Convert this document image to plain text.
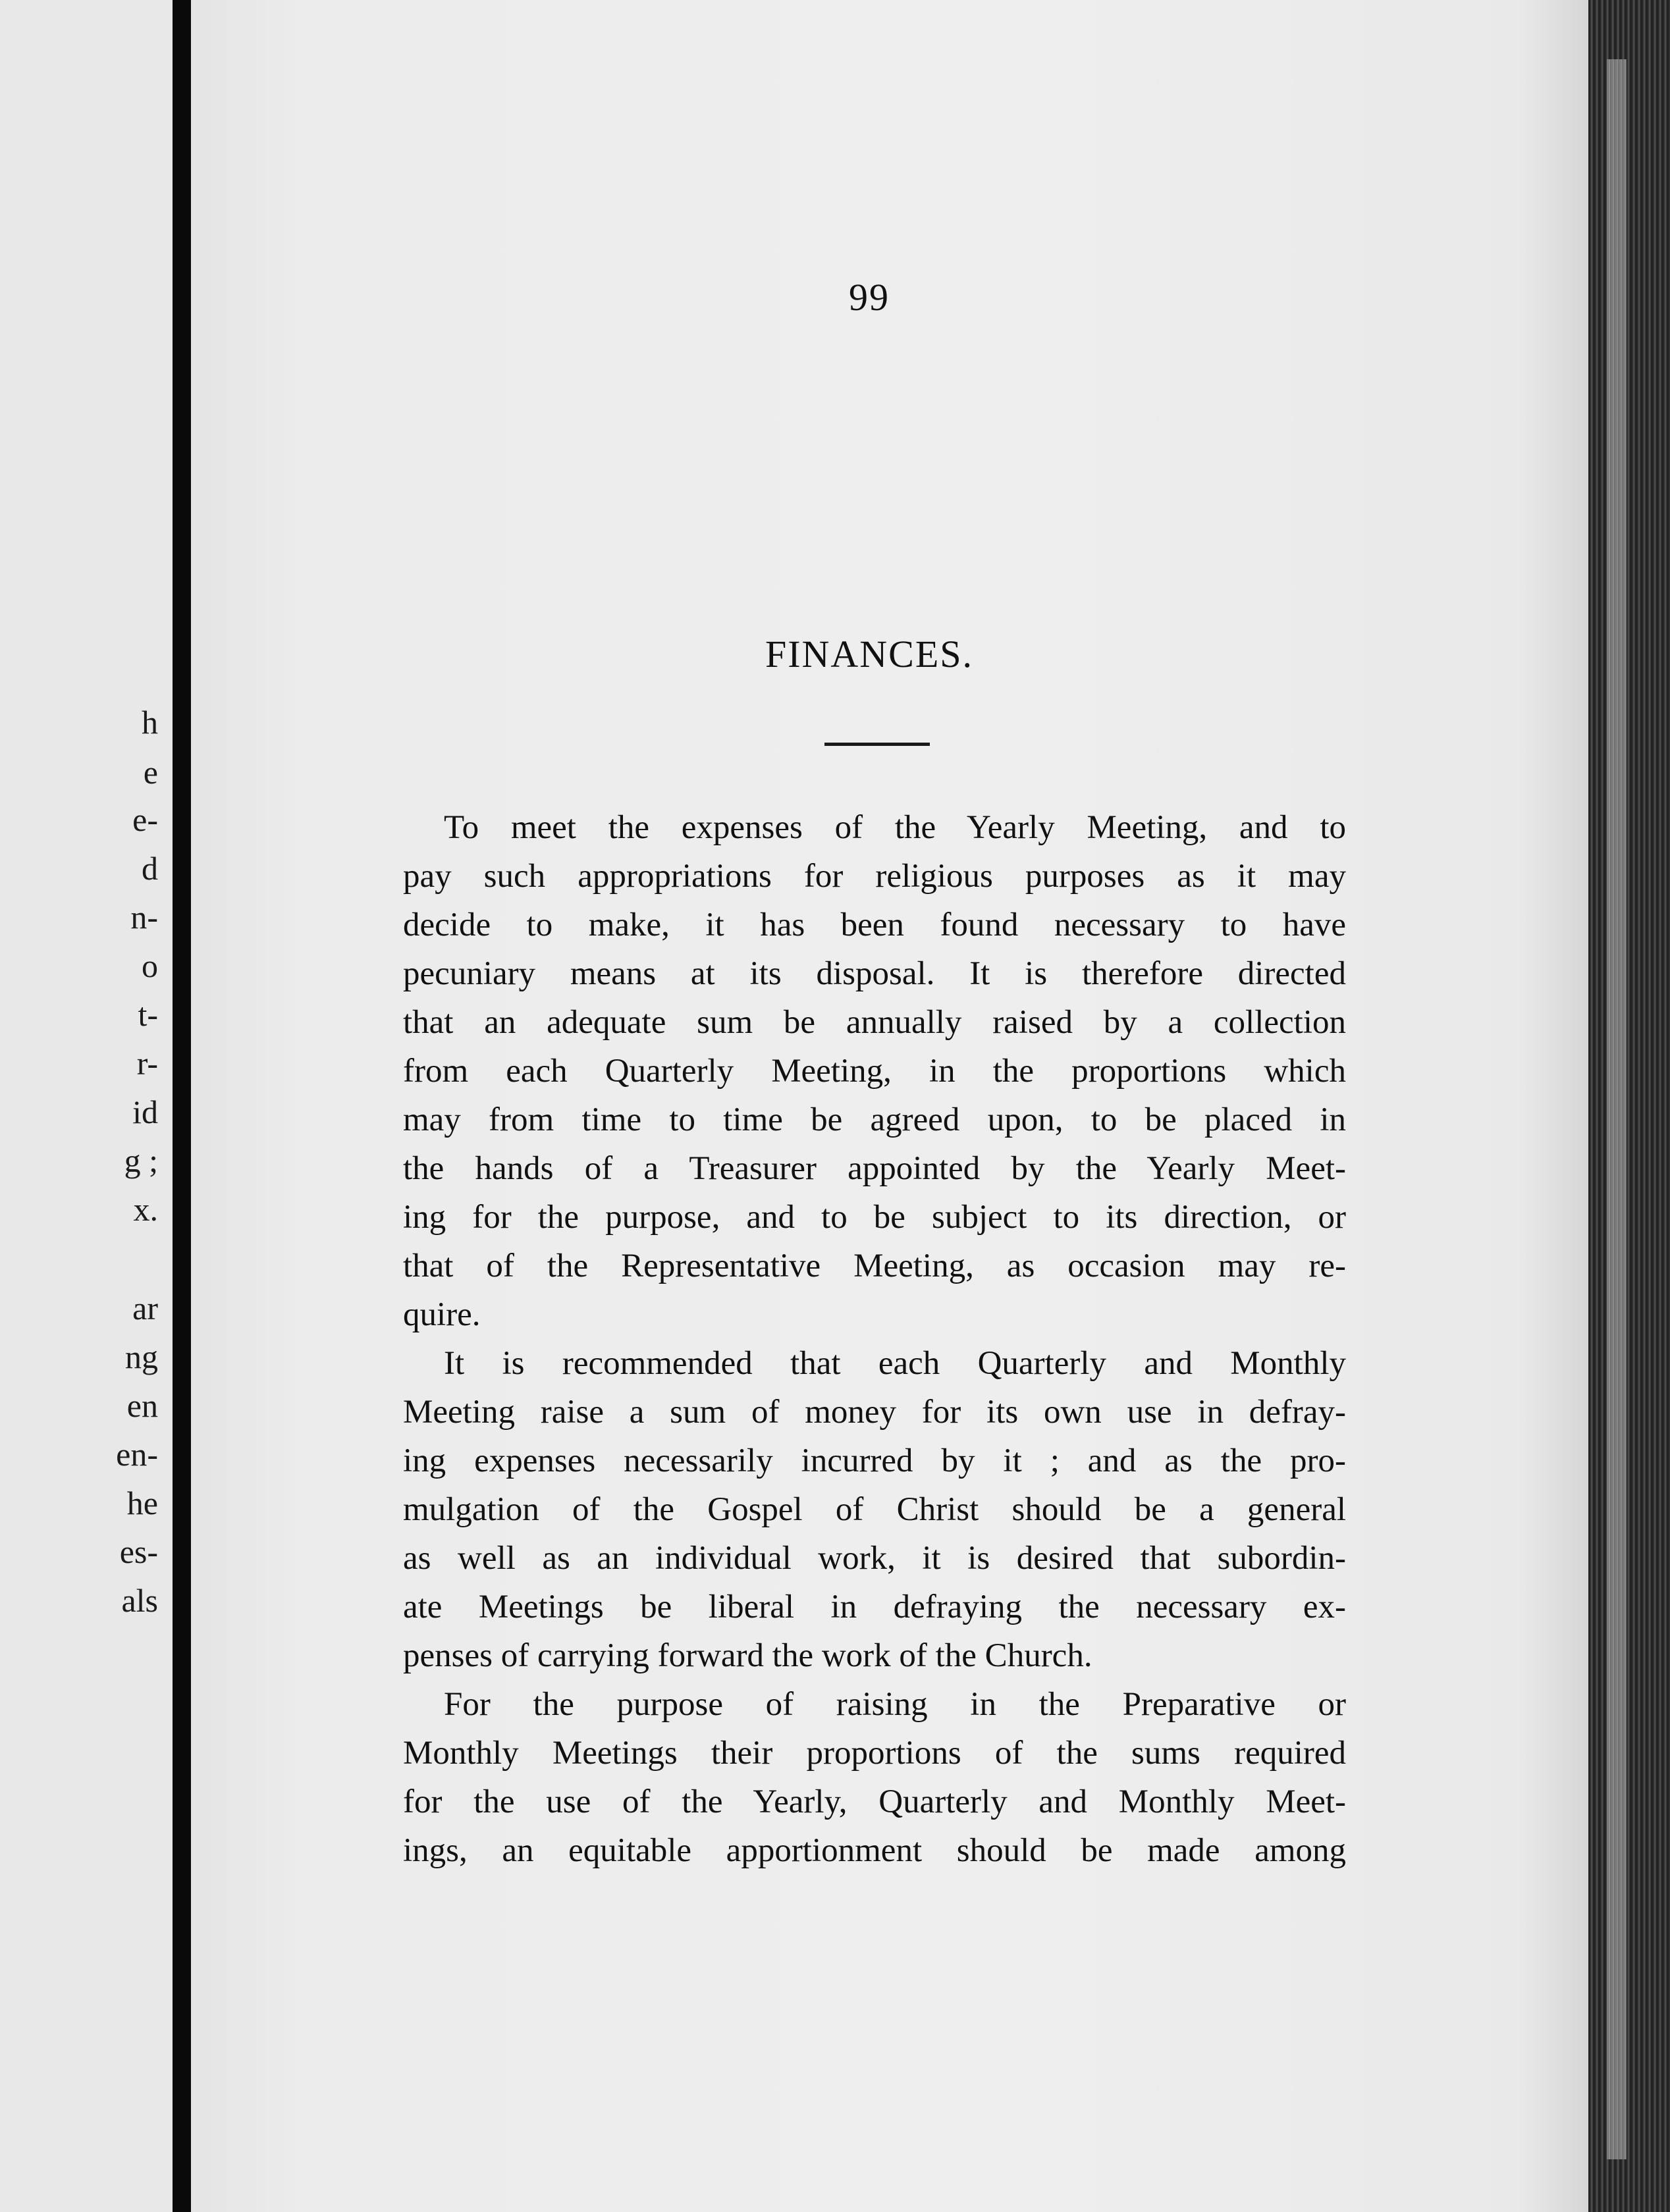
99
FINANCES.
To meet the expenses of the Yearly Meeting, and to
pay such appropriations for religious purposes as it may
decide to make, it has been found necessary to have
pecuniary means at its disposal. It is therefore directed
that an adequate sum be annually raised by a collection
from each Quarterly Meeting, in the proportions which
may from time to time be agreed upon, to be placed in
the hands of a Treasurer appointed by the Yearly Meet-
ing for the purpose, and to be subject to its direction, or
that of the Representative Meeting, as occasion may re-
quire.
It is recommended that each Quarterly and Monthly
Meeting raise a sum of money for its own use in defray-
ing expenses necessarily incurred by it ; and as the pro-
mulgation of the Gospel of Christ should be a general
as well as an individual work, it is desired that subordin-
ate Meetings be liberal in defraying the necessary ex-
penses of carrying forward the work of the Church.
For the purpose of raising in the Preparative or
Monthly Meetings their proportions of the sums required
for the use of the Yearly, Quarterly and Monthly Meet-
ings, an equitable apportionment should be made among
h
e
e-
d
n-
o
t-
r-
id
g ;
x.
ar
ng
en
en-
he
es-
als
